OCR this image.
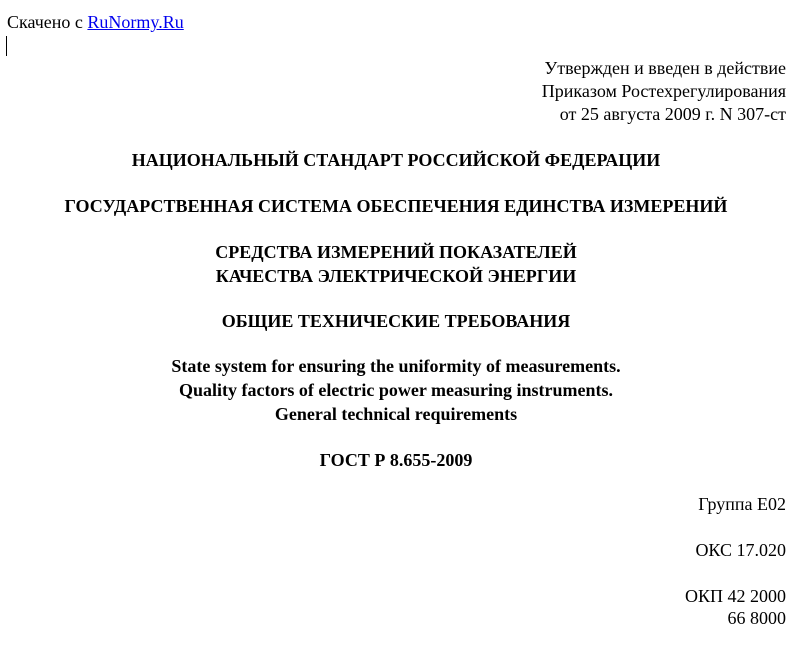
Скачено с RuNormy.Ru
Утвержден и введен в действие
Приказом Ростехрегулирования
от 25 августа 2009 г. N 307-ст
НАЦИОНАЛЬНЫЙ СТАНДАРТ РОССИЙСКОЙ ФЕДЕРАЦИИ
ГОСУДАРСТВЕННАЯ СИСТЕМА ОБЕСПЕЧЕНИЯ ЕДИНСТВА ИЗМЕРЕНИЙ
СРЕДСТВА ИЗМЕРЕНИЙ ПОКАЗАТЕЛЕЙ
КАЧЕСТВА ЭЛЕКТРИЧЕСКОЙ ЭНЕРГИИ
ОБЩИЕ ТЕХНИЧЕСКИЕ ТРЕБОВАНИЯ
State system for ensuring the uniformity of measurements.
Quality factors of electric power measuring instruments.
General technical requirements
ГОСТ Р 8.655-2009
Группа Е02
ОКС 17.020
ОКП 42 2000
66 8000
